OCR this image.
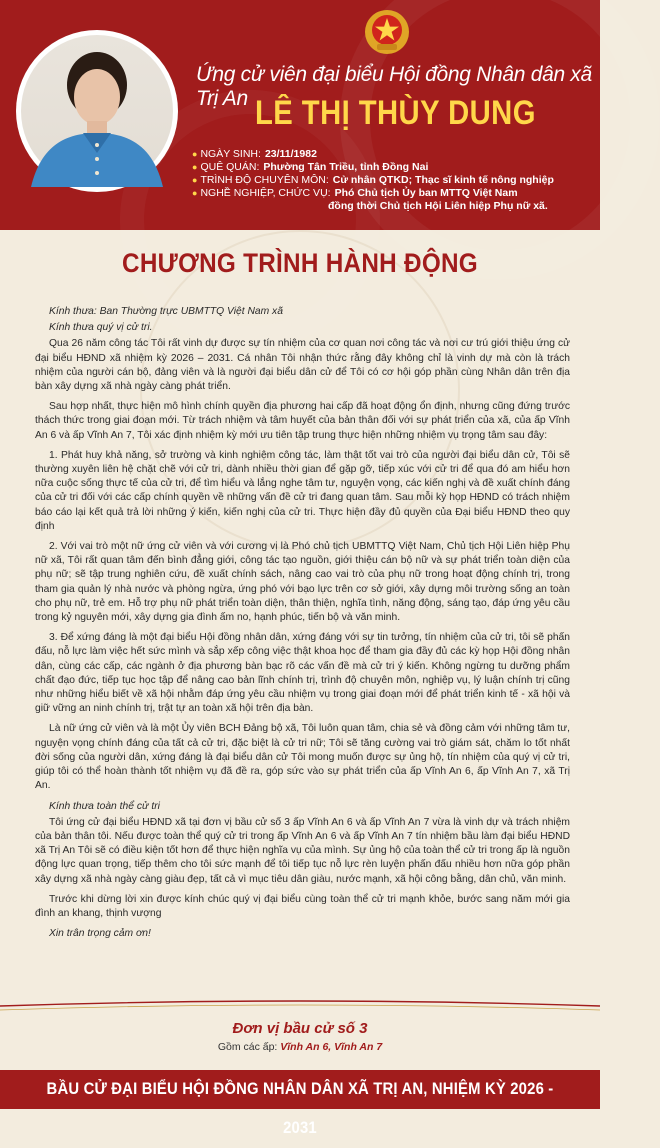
Ứng cử viên đại biểu Hội đồng Nhân dân xã Trị An LÊ THỊ THÙY DUNG
● NGÀY SINH: 23/11/1982
● QUÊ QUÁN: Phường Tân Triều, tỉnh Đồng Nai
● TRÌNH ĐỘ CHUYÊN MÔN: Cử nhân QTKD; Thạc sĩ kinh tế nông nghiệp
● NGHỀ NGHIỆP, CHỨC VỤ: Phó Chủ tịch Ủy ban MTTQ Việt Nam
đồng thời Chủ tịch Hội Liên hiệp Phụ nữ xã.
CHƯƠNG TRÌNH HÀNH ĐỘNG

Kính thưa: Ban Thường trực UBMTTQ Việt Nam xã

Kính thưa quý vị cử tri.

Qua 26 năm công tác Tôi rất vinh dự được sự tín nhiệm của cơ quan nơi công tác và nơi cư trú giới thiệu ứng cử đại biểu HĐND xã nhiệm kỳ 2026 – 2031. Cá nhân Tôi nhận thức rằng đây không chỉ là vinh dự mà còn là trách nhiệm của người cán bộ, đảng viên và là người đại biểu dân cử để Tôi có cơ hội góp phần cùng Nhân dân trên địa bàn xây dựng xã nhà ngày càng phát triển.

Sau hợp nhất, thực hiện mô hình chính quyền địa phương hai cấp đã hoạt động ổn định, nhưng cũng đứng trước thách thức trong giai đoạn mới. Từ trách nhiệm và tâm huyết của bản thân đối với sự phát triển của xã, của ấp Vĩnh An 6 và ấp Vĩnh An 7, Tôi xác định nhiệm kỳ mới ưu tiên tập trung thực hiện những nhiệm vụ trọng tâm sau đây:

1. Phát huy khả năng, sở trường và kinh nghiệm công tác, làm thật tốt vai trò của người đại biểu dân cử, Tôi sẽ thường xuyên liên hệ chặt chẽ với cử tri, dành nhiều thời gian để gặp gỡ, tiếp xúc với cử tri để qua đó am hiểu hơn nữa cuộc sống thực tế của cử tri, để tìm hiểu và lắng nghe tâm tư, nguyện vọng, các kiến nghị và đề xuất chính đáng của cử tri đối với các cấp chính quyền về những vấn đề cử tri đang quan tâm. Sau mỗi kỳ họp HĐND có trách nhiệm báo cáo lại kết quả trả lời những ý kiến, kiến nghị của cử tri. Thực hiện đầy đủ quyền của Đại biểu HĐND theo quy định

2. Với vai trò một nữ ứng cử viên và với cương vị là Phó chủ tịch UBMTTQ Việt Nam, Chủ tịch Hội Liên hiệp Phụ nữ xã, Tôi rất quan tâm đến bình đẳng giới, công tác tạo nguồn, giới thiệu cán bộ nữ và sự phát triển toàn diện của phụ nữ; sẽ tập trung nghiên cứu, đề xuất chính sách, nâng cao vai trò của phụ nữ trong hoạt động chính trị, trong tham gia quản lý nhà nước và phòng ngừa, ứng phó với bạo lực trên cơ sở giới, xây dựng môi trường sống an toàn cho phụ nữ, trẻ em. Hỗ trợ phụ nữ phát triển toàn diện, thân thiện, nghĩa tình, năng động, sáng tạo, đáp ứng yêu cầu trong kỷ nguyên mới, xây dựng gia đình ấm no, hạnh phúc, tiến bộ và văn minh.

3. Để xứng đáng là một đại biểu Hội đồng nhân dân, xứng đáng với sự tin tưởng, tín nhiệm của cử tri, tôi sẽ phấn đấu, nỗ lực làm việc hết sức mình và sắp xếp công việc thật khoa học để tham gia đầy đủ các kỳ họp Hội đồng nhân dân, cùng các cấp, các ngành ở địa phương bàn bạc rõ các vấn đề mà cử tri ý kiến. Không ngừng tu dưỡng phẩm chất đạo đức, tiếp tục học tập để nâng cao bản lĩnh chính trị, trình độ chuyên môn, nghiệp vụ, lý luận chính trị cũng như những hiểu biết về xã hội nhằm đáp ứng yêu cầu nhiệm vụ trong giai đoạn mới để phát triển kinh tế - xã hội và giữ vững an ninh chính trị, trật tự an toàn xã hội trên địa bàn.

Là nữ ứng cử viên và là một Ủy viên BCH Đảng bộ xã, Tôi luôn quan tâm, chia sẻ và đồng cảm với những tâm tư, nguyện vọng chính đáng của tất cả cử tri, đặc biệt là cử tri nữ; Tôi sẽ tăng cường vai trò giám sát, chăm lo tốt nhất đời sống của người dân, xứng đáng là đại biểu dân cử Tôi mong muốn được sự ủng hộ, tín nhiệm của quý vị cử tri, giúp tôi có thể hoàn thành tốt nhiệm vụ đã đề ra, góp sức vào sự phát triển của ấp Vĩnh An 6, ấp Vĩnh An 7, xã Trị An.

Kính thưa toàn thể cử tri

Tôi ứng cử đại biểu HĐND xã tại đơn vị bầu cử số 3 ấp Vĩnh An 6 và ấp Vĩnh An 7 vừa là vinh dự và trách nhiệm của bản thân tôi. Nếu được toàn thể quý cử tri trong ấp Vĩnh An 6 và ấp Vĩnh An 7 tín nhiệm bầu làm đại biểu HĐND xã Trị An Tôi sẽ có điều kiện tốt hơn để thực hiện nghĩa vụ của mình. Sự ủng hộ của toàn thể cử tri trong ấp là nguồn động lực quan trọng, tiếp thêm cho tôi sức mạnh để tôi tiếp tục nỗ lực rèn luyện phấn đấu nhiều hơn nữa góp phần xây dựng xã nhà ngày càng giàu đẹp, tất cả vì mục tiêu dân giàu, nước mạnh, xã hội công bằng, dân chủ, văn minh.

Trước khi dừng lời xin được kính chúc quý vị đại biểu cùng toàn thể cử tri mạnh khỏe, bước sang năm mới gia đình an khang, thịnh vượng

Xin trân trọng cảm ơn!

Đơn vị bầu cử số 3
Gồm các ấp: Vĩnh An 6, Vĩnh An 7
BẦU CỬ ĐẠI BIỂU HỘI ĐỒNG NHÂN DÂN XÃ TRỊ AN, NHIỆM KỲ 2026 - 2031
